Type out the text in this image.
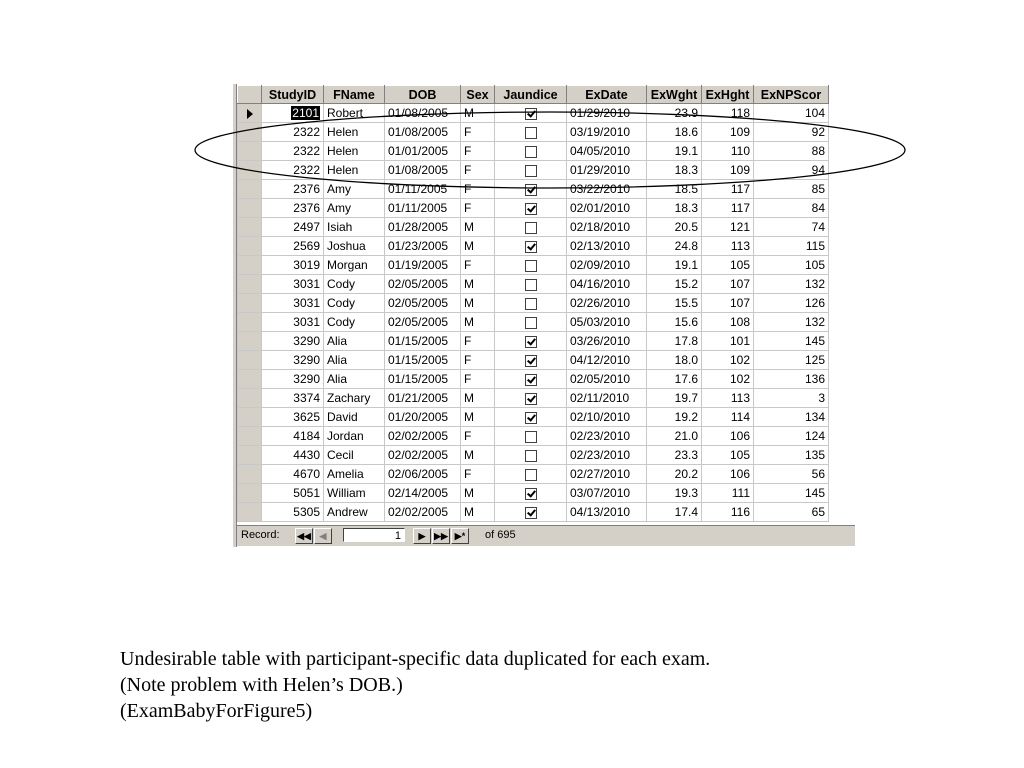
	StudyID	FName	DOB	Sex	Jaundice	ExDate	ExWght	ExHght	ExNPScor
	2101	Robert	01/08/2005	M		01/29/2010	23.9	118	104
	2322	Helen	01/08/2005	F		03/19/2010	18.6	109	92
	2322	Helen	01/01/2005	F		04/05/2010	19.1	110	88
	2322	Helen	01/08/2005	F		01/29/2010	18.3	109	94
	2376	Amy	01/11/2005	F		03/22/2010	18.5	117	85
	2376	Amy	01/11/2005	F		02/01/2010	18.3	117	84
	2497	Isiah	01/28/2005	M		02/18/2010	20.5	121	74
	2569	Joshua	01/23/2005	M		02/13/2010	24.8	113	115
	3019	Morgan	01/19/2005	F		02/09/2010	19.1	105	105
	3031	Cody	02/05/2005	M		04/16/2010	15.2	107	132
	3031	Cody	02/05/2005	M		02/26/2010	15.5	107	126
	3031	Cody	02/05/2005	M		05/03/2010	15.6	108	132
	3290	Alia	01/15/2005	F		03/26/2010	17.8	101	145
	3290	Alia	01/15/2005	F		04/12/2010	18.0	102	125
	3290	Alia	01/15/2005	F		02/05/2010	17.6	102	136
	3374	Zachary	01/21/2005	M		02/11/2010	19.7	113	3
	3625	David	01/20/2005	M		02/10/2010	19.2	114	134
	4184	Jordan	02/02/2005	F		02/23/2010	21.0	106	124
	4430	Cecil	02/02/2005	M		02/23/2010	23.3	105	135
	4670	Amelia	02/06/2005	F		02/27/2010	20.2	106	56
	5051	William	02/14/2005	M		03/07/2010	19.3	111	145
	5305	Andrew	02/02/2005	M		04/13/2010	17.4	116	65
Record: ◀◀ ◀	1	▶ ▶▶ ▶*	of 695
Undesirable table with participant-specific data duplicated for each exam.
(Note problem with Helen’s DOB.)
(ExamBabyForFigure5)
